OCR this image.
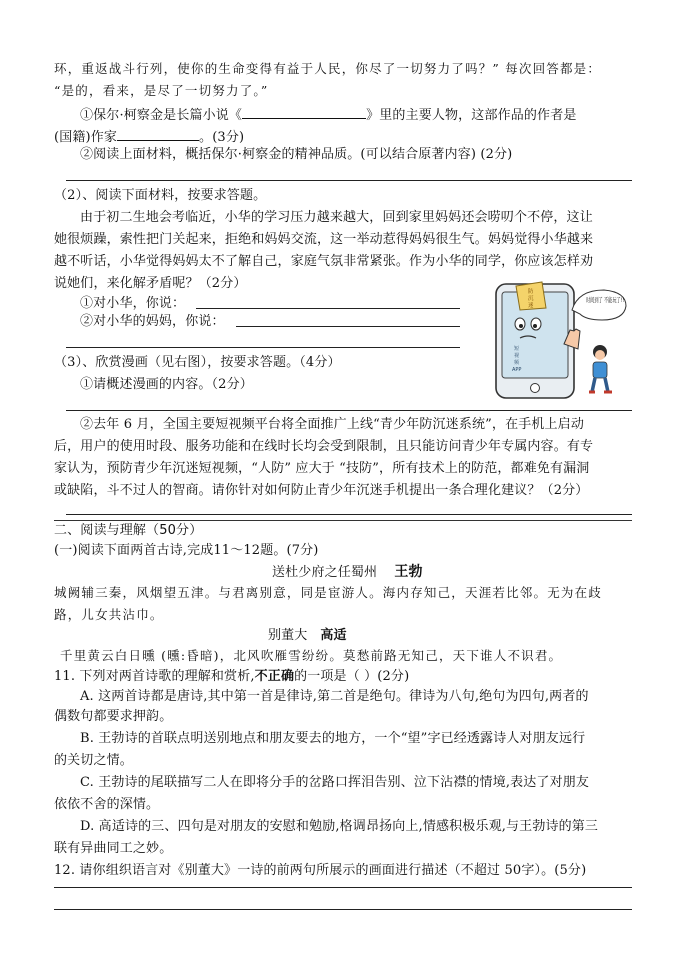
环，重返战斗行列，使你的生命变得有益于人民，你尽了一切努力了吗？” 每次回答都是：
“是的，看来，是尽了一切努力了。”
①保尔·柯察金是长篇小说《	》里的主要人物，这部作品的作者是
(国籍)作家	。(3分)
②阅读上面材料，概括保尔·柯察金的精神品质。(可以结合原著内容) (2分)
（2）、阅读下面材料，按要求答题。
由于初二生地会考临近，小华的学习压力越来越大，回到家里妈妈还会唠叨个不停，这让
她很烦躁，索性把门关起来，拒绝和妈妈交流，这一举动惹得妈妈很生气。妈妈觉得小华越来
越不听话，小华觉得妈妈太不了解自己，家庭气氛非常紧张。作为小华的同学，你应该怎样劝
说她们，来化解矛盾呢？（2分）
①对小华，你说：
②对小华的妈妈，你说：
（3）、欣赏漫画（见右图），按要求答题。（4分）
①请概述漫画的内容。（2分）
②去年 6 月，全国主要短视频平台将全面推广上线“青少年防沉迷系统”，在手机上启动
后，用户的使用时段、服务功能和在线时长均会受到限制，且只能访问青少年专属内容。有专
家认为，预防青少年沉迷短视频，“人防” 应大于 “技防”，所有技术上的防范，都难免有漏洞
或缺陷，斗不过人的智商。请你针对如何防止青少年沉迷手机提出一条合理化建议？（2分）
防
沉
迷
短
视
频
APP
时间到了 不能玩了!!
二、阅读与理解（50分）
(一)阅读下面两首古诗,完成11～12题。(7分)
送杜少府之任蜀州 王勃
城阙辅三秦，风烟望五津。与君离别意，同是宦游人。海内存知己，天涯若比邻。无为在歧
路，儿女共沾巾。
别董大 高适
千里黄云白日曛 (曛:昏暗)，北风吹雁雪纷纷。莫愁前路无知己，天下谁人不识君。
11. 下列对两首诗歌的理解和赏析,不正确的一项是（ ）(2分)
A. 这两首诗都是唐诗,其中第一首是律诗,第二首是绝句。律诗为八句,绝句为四句,两者的
偶数句都要求押韵。
B. 王勃诗的首联点明送别地点和朋友要去的地方，一个“望”字已经透露诗人对朋友远行
的关切之情。
C. 王勃诗的尾联描写二人在即将分手的岔路口挥泪告别、泣下沾襟的情境,表达了对朋友
依依不舍的深情。
D. 高适诗的三、四句是对朋友的安慰和勉励,格调昂扬向上,情感积极乐观,与王勃诗的第三
联有异曲同工之妙。
12. 请你组织语言对《别董大》一诗的前两句所展示的画面进行描述（不超过 50字）。(5分)
